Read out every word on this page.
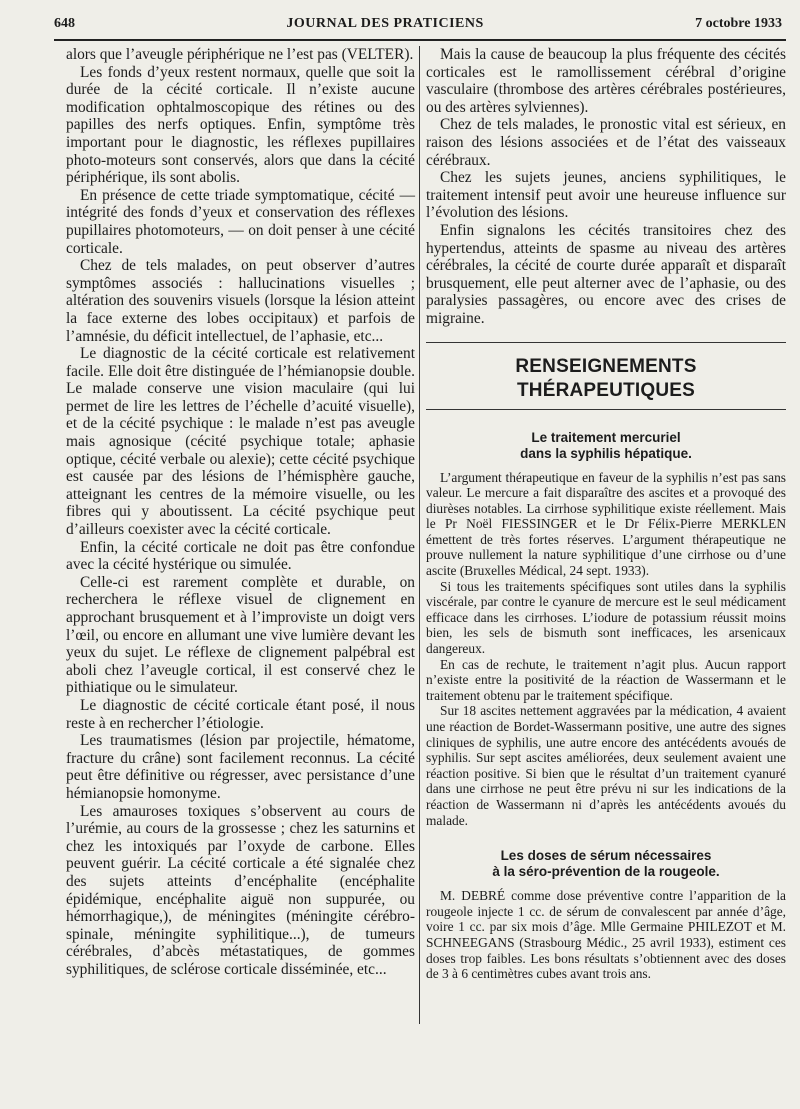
648	JOURNAL DES PRATICIENS	7 octobre 1933

alors que l’aveugle périphérique ne l’est pas (VELTER).

Les fonds d’yeux restent normaux, quelle que soit la durée de la cécité corticale. Il n’existe aucune modification ophtalmoscopique des rétines ou des papilles des nerfs optiques. Enfin, symptôme très important pour le diagnostic, les réflexes pupillaires photo-moteurs sont conservés, alors que dans la cécité périphérique, ils sont abolis.

En présence de cette triade symptomatique, cécité — intégrité des fonds d’yeux et conservation des réflexes pupillaires photomoteurs, — on doit penser à une cécité corticale.

Chez de tels malades, on peut observer d’autres symptômes associés : hallucinations visuelles ; altération des souvenirs visuels (lorsque la lésion atteint la face externe des lobes occipitaux) et parfois de l’amnésie, du déficit intellectuel, de l’aphasie, etc...

Le diagnostic de la cécité corticale est relativement facile. Elle doit être distinguée de l’hémianopsie double. Le malade conserve une vision maculaire (qui lui permet de lire les lettres de l’échelle d’acuité visuelle), et de la cécité psychique : le malade n’est pas aveugle mais agnosique (cécité psychique totale; aphasie optique, cécité verbale ou alexie); cette cécité psychique est causée par des lésions de l’hémisphère gauche, atteignant les centres de la mémoire visuelle, ou les fibres qui y aboutissent. La cécité psychique peut d’ailleurs coexister avec la cécité corticale.

Enfin, la cécité corticale ne doit pas être confondue avec la cécité hystérique ou simulée.

Celle-ci est rarement complète et durable, on recherchera le réflexe visuel de clignement en approchant brusquement et à l’improviste un doigt vers l’œil, ou encore en allumant une vive lumière devant les yeux du sujet. Le réflexe de clignement palpébral est aboli chez l’aveugle cortical, il est conservé chez le pithiatique ou le simulateur.

Le diagnostic de cécité corticale étant posé, il nous reste à en rechercher l’étiologie.

Les traumatismes (lésion par projectile, hématome, fracture du crâne) sont facilement reconnus. La cécité peut être définitive ou régresser, avec persistance d’une hémianopsie homonyme.

Les amauroses toxiques s’observent au cours de l’urémie, au cours de la grossesse ; chez les saturnins et chez les intoxiqués par l’oxyde de carbone. Elles peuvent guérir. La cécité corticale a été signalée chez des sujets atteints d’encéphalite (encéphalite épidémique, encéphalite aiguë non suppurée, ou hémorrhagique,), de méningites (méningite cérébro-spinale, méningite syphilitique...), de tumeurs cérébrales, d’abcès métastatiques, de gommes syphilitiques, de sclérose corticale disséminée, etc...

Mais la cause de beaucoup la plus fréquente des cécités corticales est le ramollissement cérébral d’origine vasculaire (thrombose des artères cérébrales postérieures, ou des artères sylviennes).

Chez de tels malades, le pronostic vital est sérieux, en raison des lésions associées et de l’état des vaisseaux cérébraux.

Chez les sujets jeunes, anciens syphilitiques, le traitement intensif peut avoir une heureuse influence sur l’évolution des lésions.

Enfin signalons les cécités transitoires chez des hypertendus, atteints de spasme au niveau des artères cérébrales, la cécité de courte durée apparaît et disparaît brusquement, elle peut alterner avec de l’aphasie, ou des paralysies passagères, ou encore avec des crises de migraine.

RENSEIGNEMENTS THÉRAPEUTIQUES
Le traitement mercuriel
dans la syphilis hépatique.

L’argument thérapeutique en faveur de la syphilis n’est pas sans valeur. Le mercure a fait disparaître des ascites et a provoqué des diurèses notables. La cirrhose syphilitique existe réellement. Mais le Pr Noël FIESSINGER et le Dr Félix-Pierre MERKLEN émettent de très fortes réserves. L’argument thérapeutique ne prouve nullement la nature syphilitique d’une cirrhose ou d’une ascite (Bruxelles Médical, 24 sept. 1933).

Si tous les traitements spécifiques sont utiles dans la syphilis viscérale, par contre le cyanure de mercure est le seul médicament efficace dans les cirrhoses. L’iodure de potassium réussit moins bien, les sels de bismuth sont inefficaces, les arsenicaux dangereux.

En cas de rechute, le traitement n’agit plus. Aucun rapport n’existe entre la positivité de la réaction de Wassermann et le traitement obtenu par le traitement spécifique.

Sur 18 ascites nettement aggravées par la médication, 4 avaient une réaction de Bordet-Wassermann positive, une autre des signes cliniques de syphilis, une autre encore des antécédents avoués de syphilis. Sur sept ascites améliorées, deux seulement avaient une réaction positive. Si bien que le résultat d’un traitement cyanuré dans une cirrhose ne peut être prévu ni sur les indications de la réaction de Wassermann ni d’après les antécédents avoués du malade.

Les doses de sérum nécessaires
à la séro-prévention de la rougeole.

M. DEBRÉ comme dose préventive contre l’apparition de la rougeole injecte 1 cc. de sérum de convalescent par année d’âge, voire 1 cc. par six mois d’âge. Mlle Germaine PHILEZOT et M. SCHNEEGANS (Strasbourg Médic., 25 avril 1933), estiment ces doses trop faibles. Les bons résultats s’obtiennent avec des doses de 3 à 6 centimètres cubes avant trois ans.
